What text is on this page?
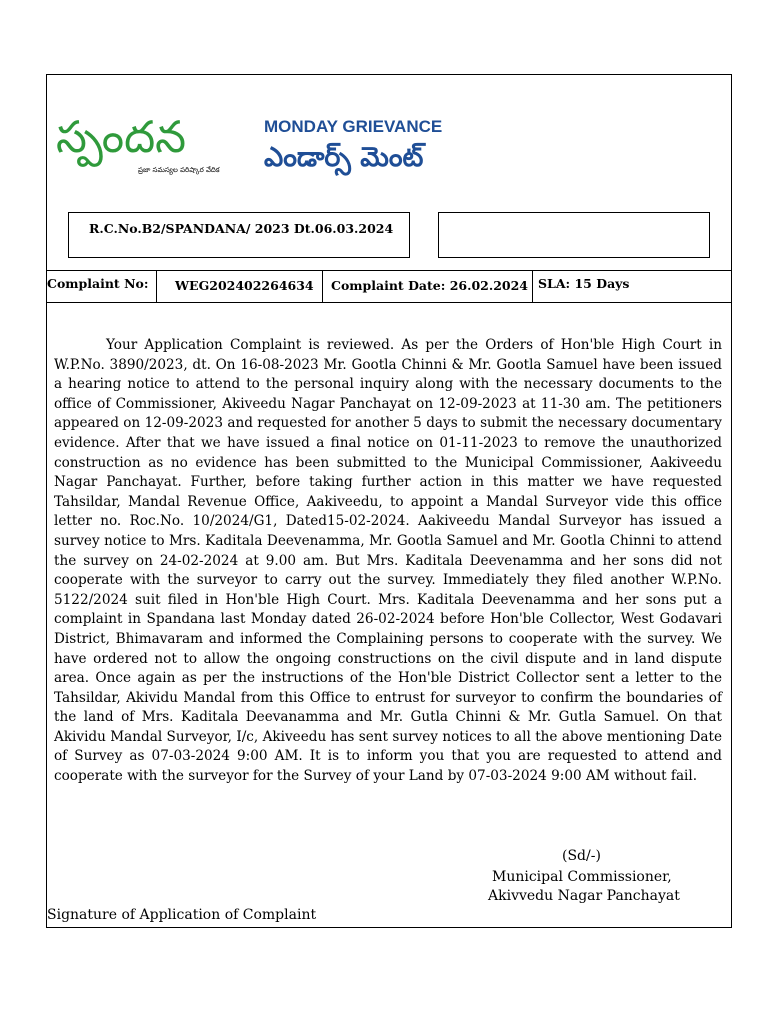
స్పందన
ప్రజా సమస్యల పరిష్కార వేదిక
MONDAY GRIEVANCE
ఎండార్స్ మెంట్
R.C.No.B2/SPANDANA/ 2023 Dt.06.03.2024
Complaint No:	WEG202402264634	Complaint Date: 26.02.2024 SLA: 15 Days

Your Application Complaint is reviewed. As per the Orders of Hon'ble High Court in W.P.No. 3890/2023, dt. On 16-08-2023 Mr. Gootla Chinni & Mr. Gootla Samuel have been issued a hearing notice to attend to the personal inquiry along with the necessary documents to the office of Commissioner, Akiveedu Nagar Panchayat on 12-09-2023 at 11-30 am. The petitioners appeared on 12-09-2023 and requested for another 5 days to submit the necessary documentary evidence. After that we have issued a final notice on 01-11-2023 to remove the unauthorized construction as no evidence has been submitted to the Municipal Commissioner, Aakiveedu Nagar Panchayat. Further, before taking further action in this matter we have requested Tahsildar, Mandal Revenue Office, Aakiveedu, to appoint a Mandal Surveyor vide this office letter no. Roc.No. 10/2024/G1, Dated15-02-2024. Aakiveedu Mandal Surveyor has issued a survey notice to Mrs. Kaditala Deevenamma, Mr. Gootla Samuel and Mr. Gootla Chinni to attend the survey on 24-02-2024 at 9.00 am. But Mrs. Kaditala Deevenamma and her sons did not cooperate with the surveyor to carry out the survey. Immediately they filed another W.P.No. 5122/2024 suit filed in Hon'ble High Court. Mrs. Kaditala Deevenamma and her sons put a complaint in Spandana last Monday dated 26-02-2024 before Hon'ble Collector, West Godavari District, Bhimavaram and informed the Complaining persons to cooperate with the survey. We have ordered not to allow the ongoing constructions on the civil dispute and in land dispute area. Once again as per the instructions of the Hon'ble District Collector sent a letter to the Tahsildar, Akividu Mandal from this Office to entrust for surveyor to confirm the boundaries of the land of Mrs. Kaditala Deevanamma and Mr. Gutla Chinni & Mr. Gutla Samuel. On that Akividu Mandal Surveyor, I/c, Akiveedu has sent survey notices to all the above mentioning Date of Survey as 07-03-2024 9:00 AM. It is to inform you that you are requested to attend and cooperate with the surveyor for the Survey of your Land by 07-03-2024 9:00 AM without fail.

(Sd/-)
Municipal Commissioner,
Akivvedu Nagar Panchayat
Signature of Application of Complaint
